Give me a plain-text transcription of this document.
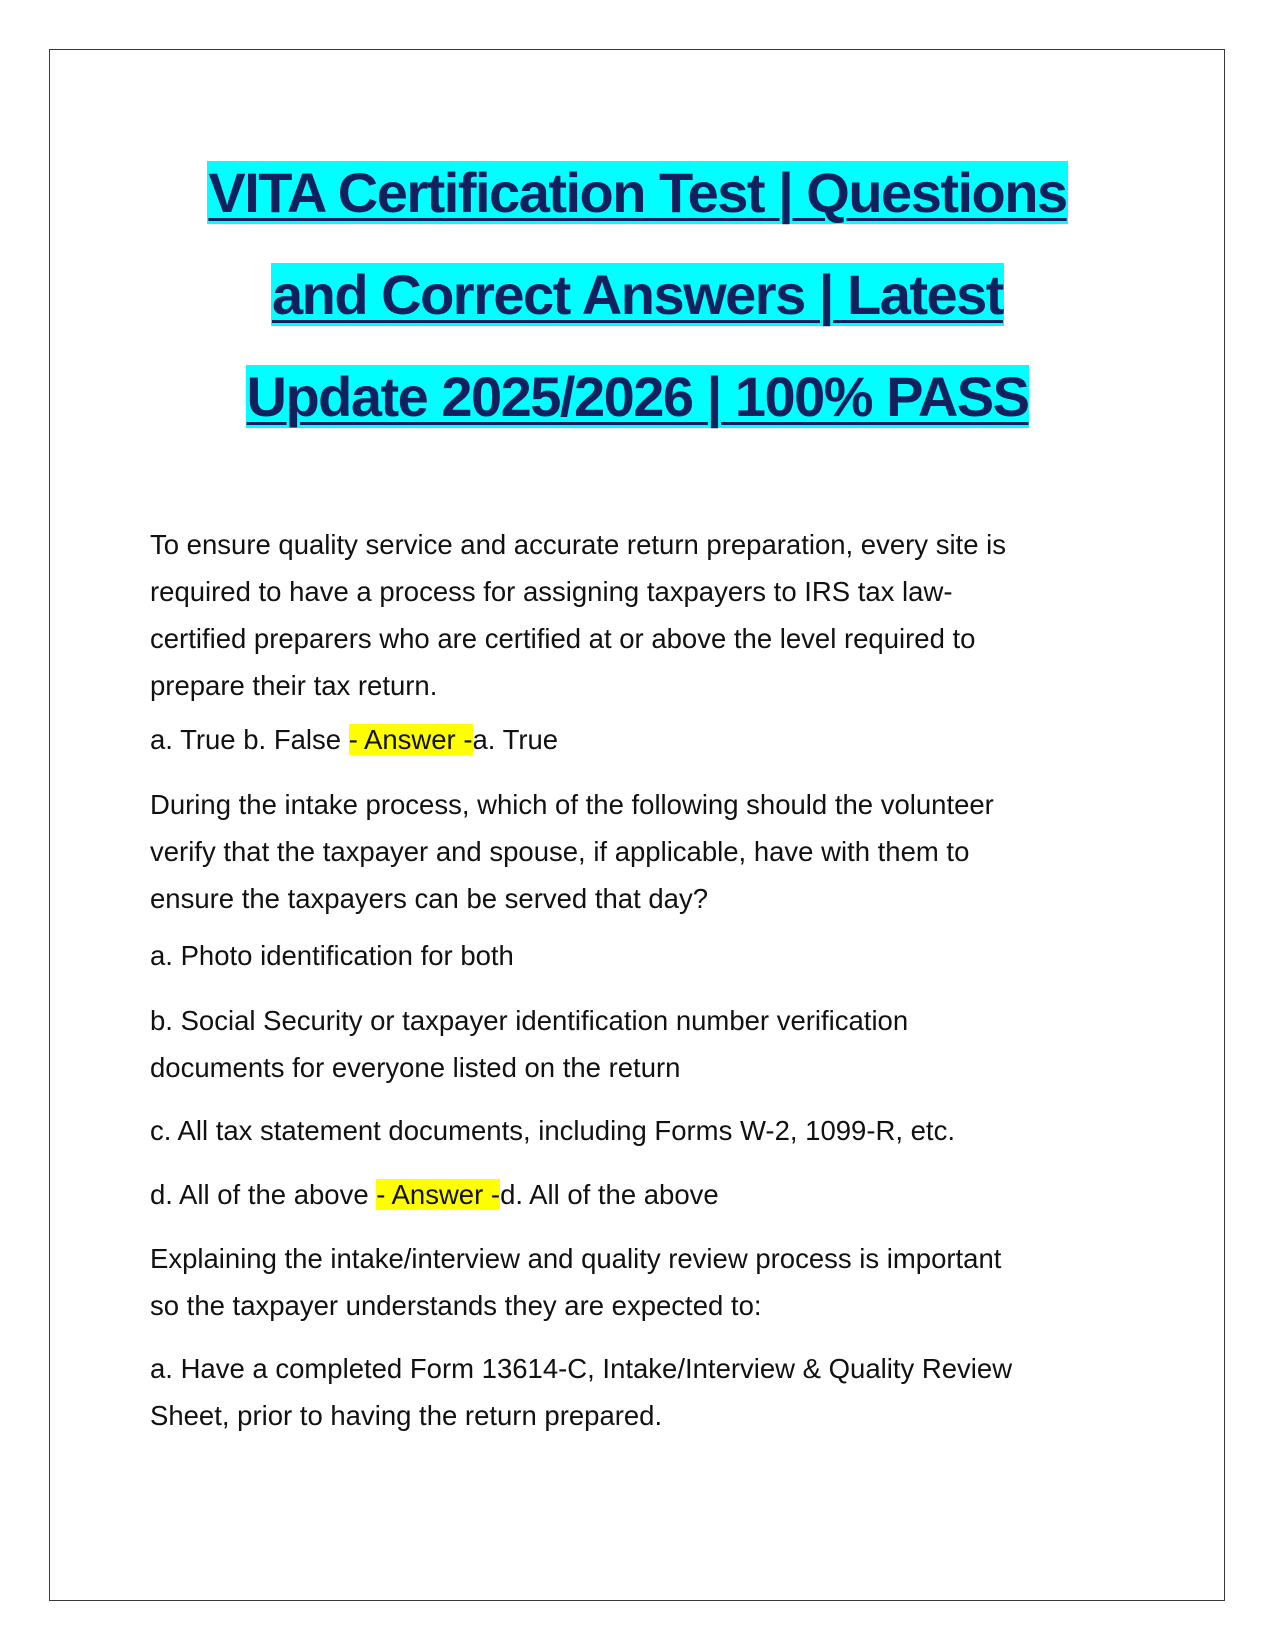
VITA Certification Test | Questions
and Correct Answers | Latest
Update 2025/2026 | 100% PASS

To ensure quality service and accurate return preparation, every site is
required to have a process for assigning taxpayers to IRS tax law-
certified preparers who are certified at or above the level required to
prepare their tax return.

a. True b. False - Answer -a. True

During the intake process, which of the following should the volunteer
verify that the taxpayer and spouse, if applicable, have with them to
ensure the taxpayers can be served that day?

a. Photo identification for both

b. Social Security or taxpayer identification number verification
documents for everyone listed on the return

c. All tax statement documents, including Forms W-2, 1099-R, etc.

d. All of the above - Answer -d. All of the above

Explaining the intake/interview and quality review process is important
so the taxpayer understands they are expected to:

a. Have a completed Form 13614-C, Intake/Interview & Quality Review
Sheet, prior to having the return prepared.
